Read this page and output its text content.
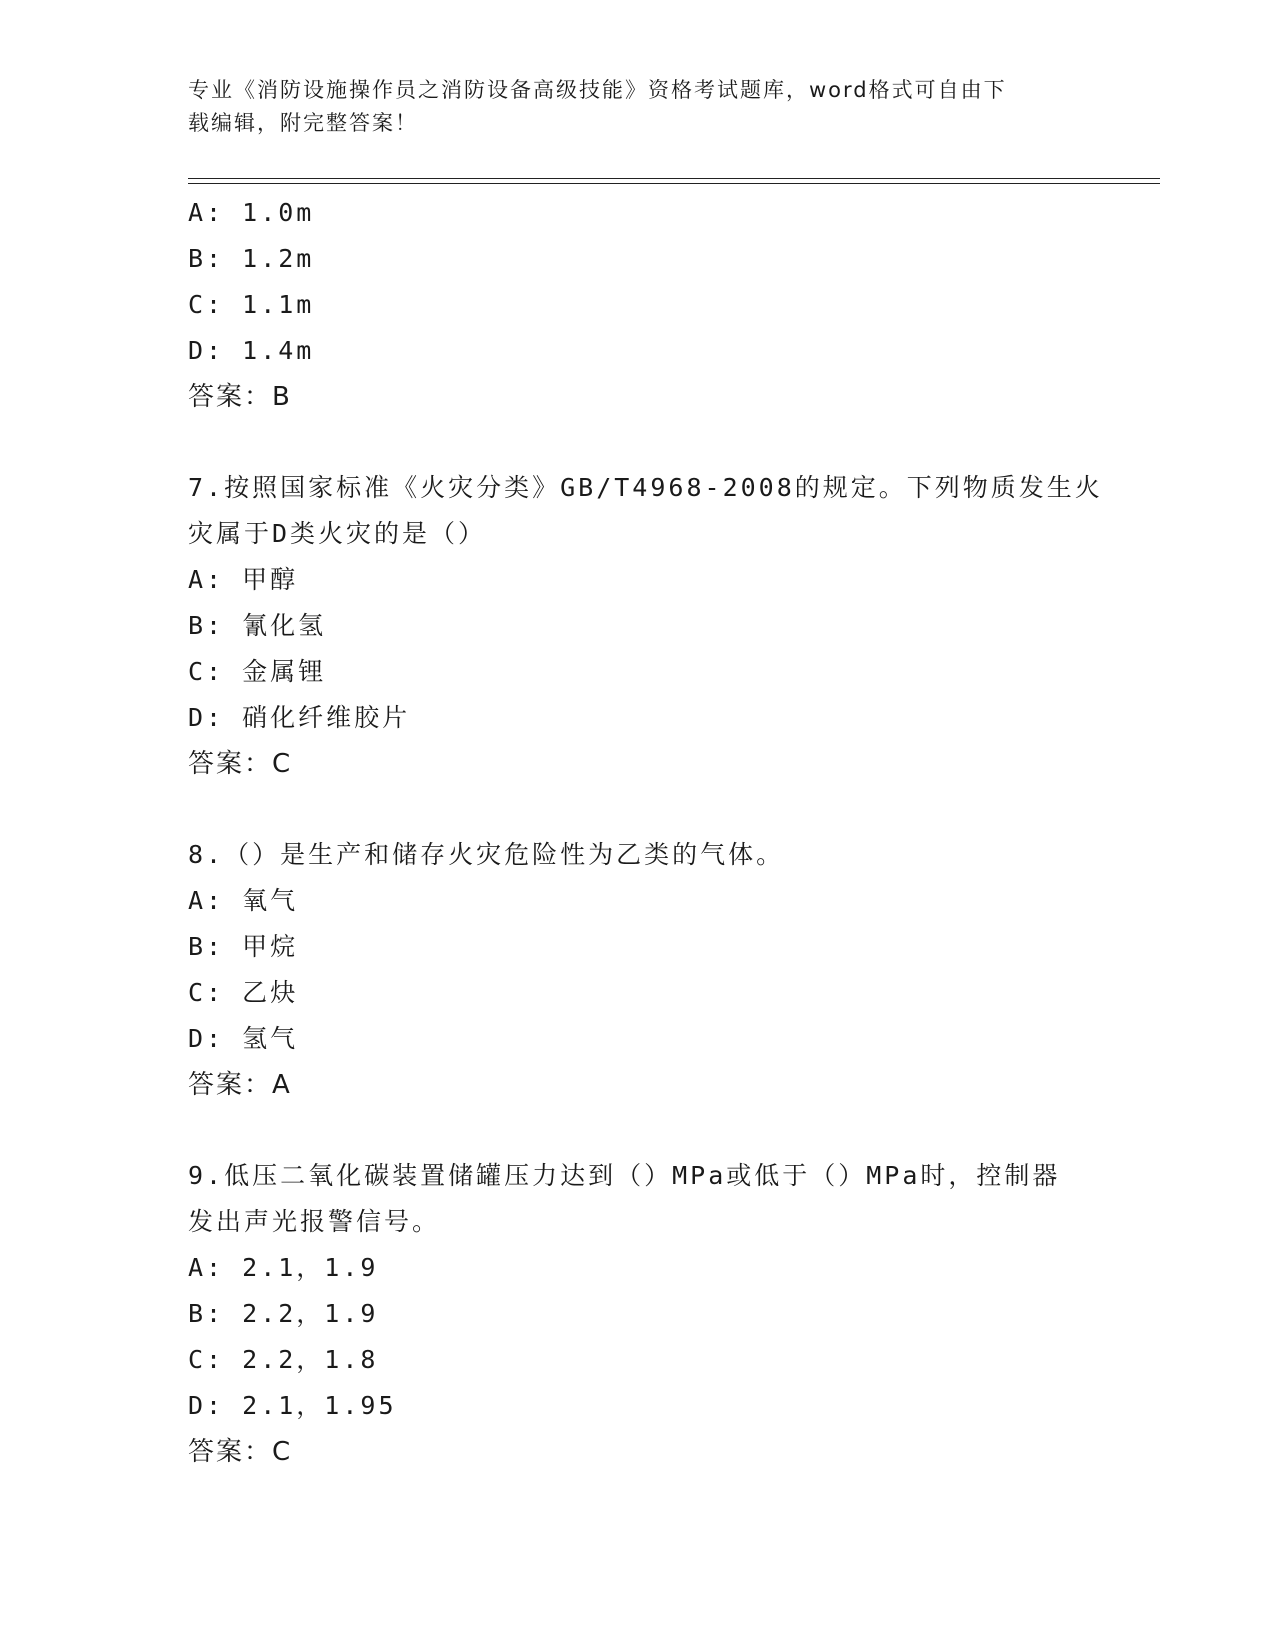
专业《消防设施操作员之消防设备高级技能》资格考试题库，word格式可自由下
载编辑，附完整答案！
A: 1.0m
B: 1.2m
C: 1.1m
D: 1.4m
答案：B
7.按照国家标准《火灾分类》GB/T4968-2008的规定。下列物质发生火
灾属于D类火灾的是（）
A: 甲醇
B: 氰化氢
C: 金属锂
D: 硝化纤维胶片
答案：C
8.（）是生产和储存火灾危险性为乙类的气体。
A: 氧气
B: 甲烷
C: 乙炔
D: 氢气
答案：A
9.低压二氧化碳装置储罐压力达到（）MPa或低于（）MPa时，控制器
发出声光报警信号。
A: 2.1，1.9
B: 2.2，1.9
C: 2.2，1.8
D: 2.1，1.95
答案：C
